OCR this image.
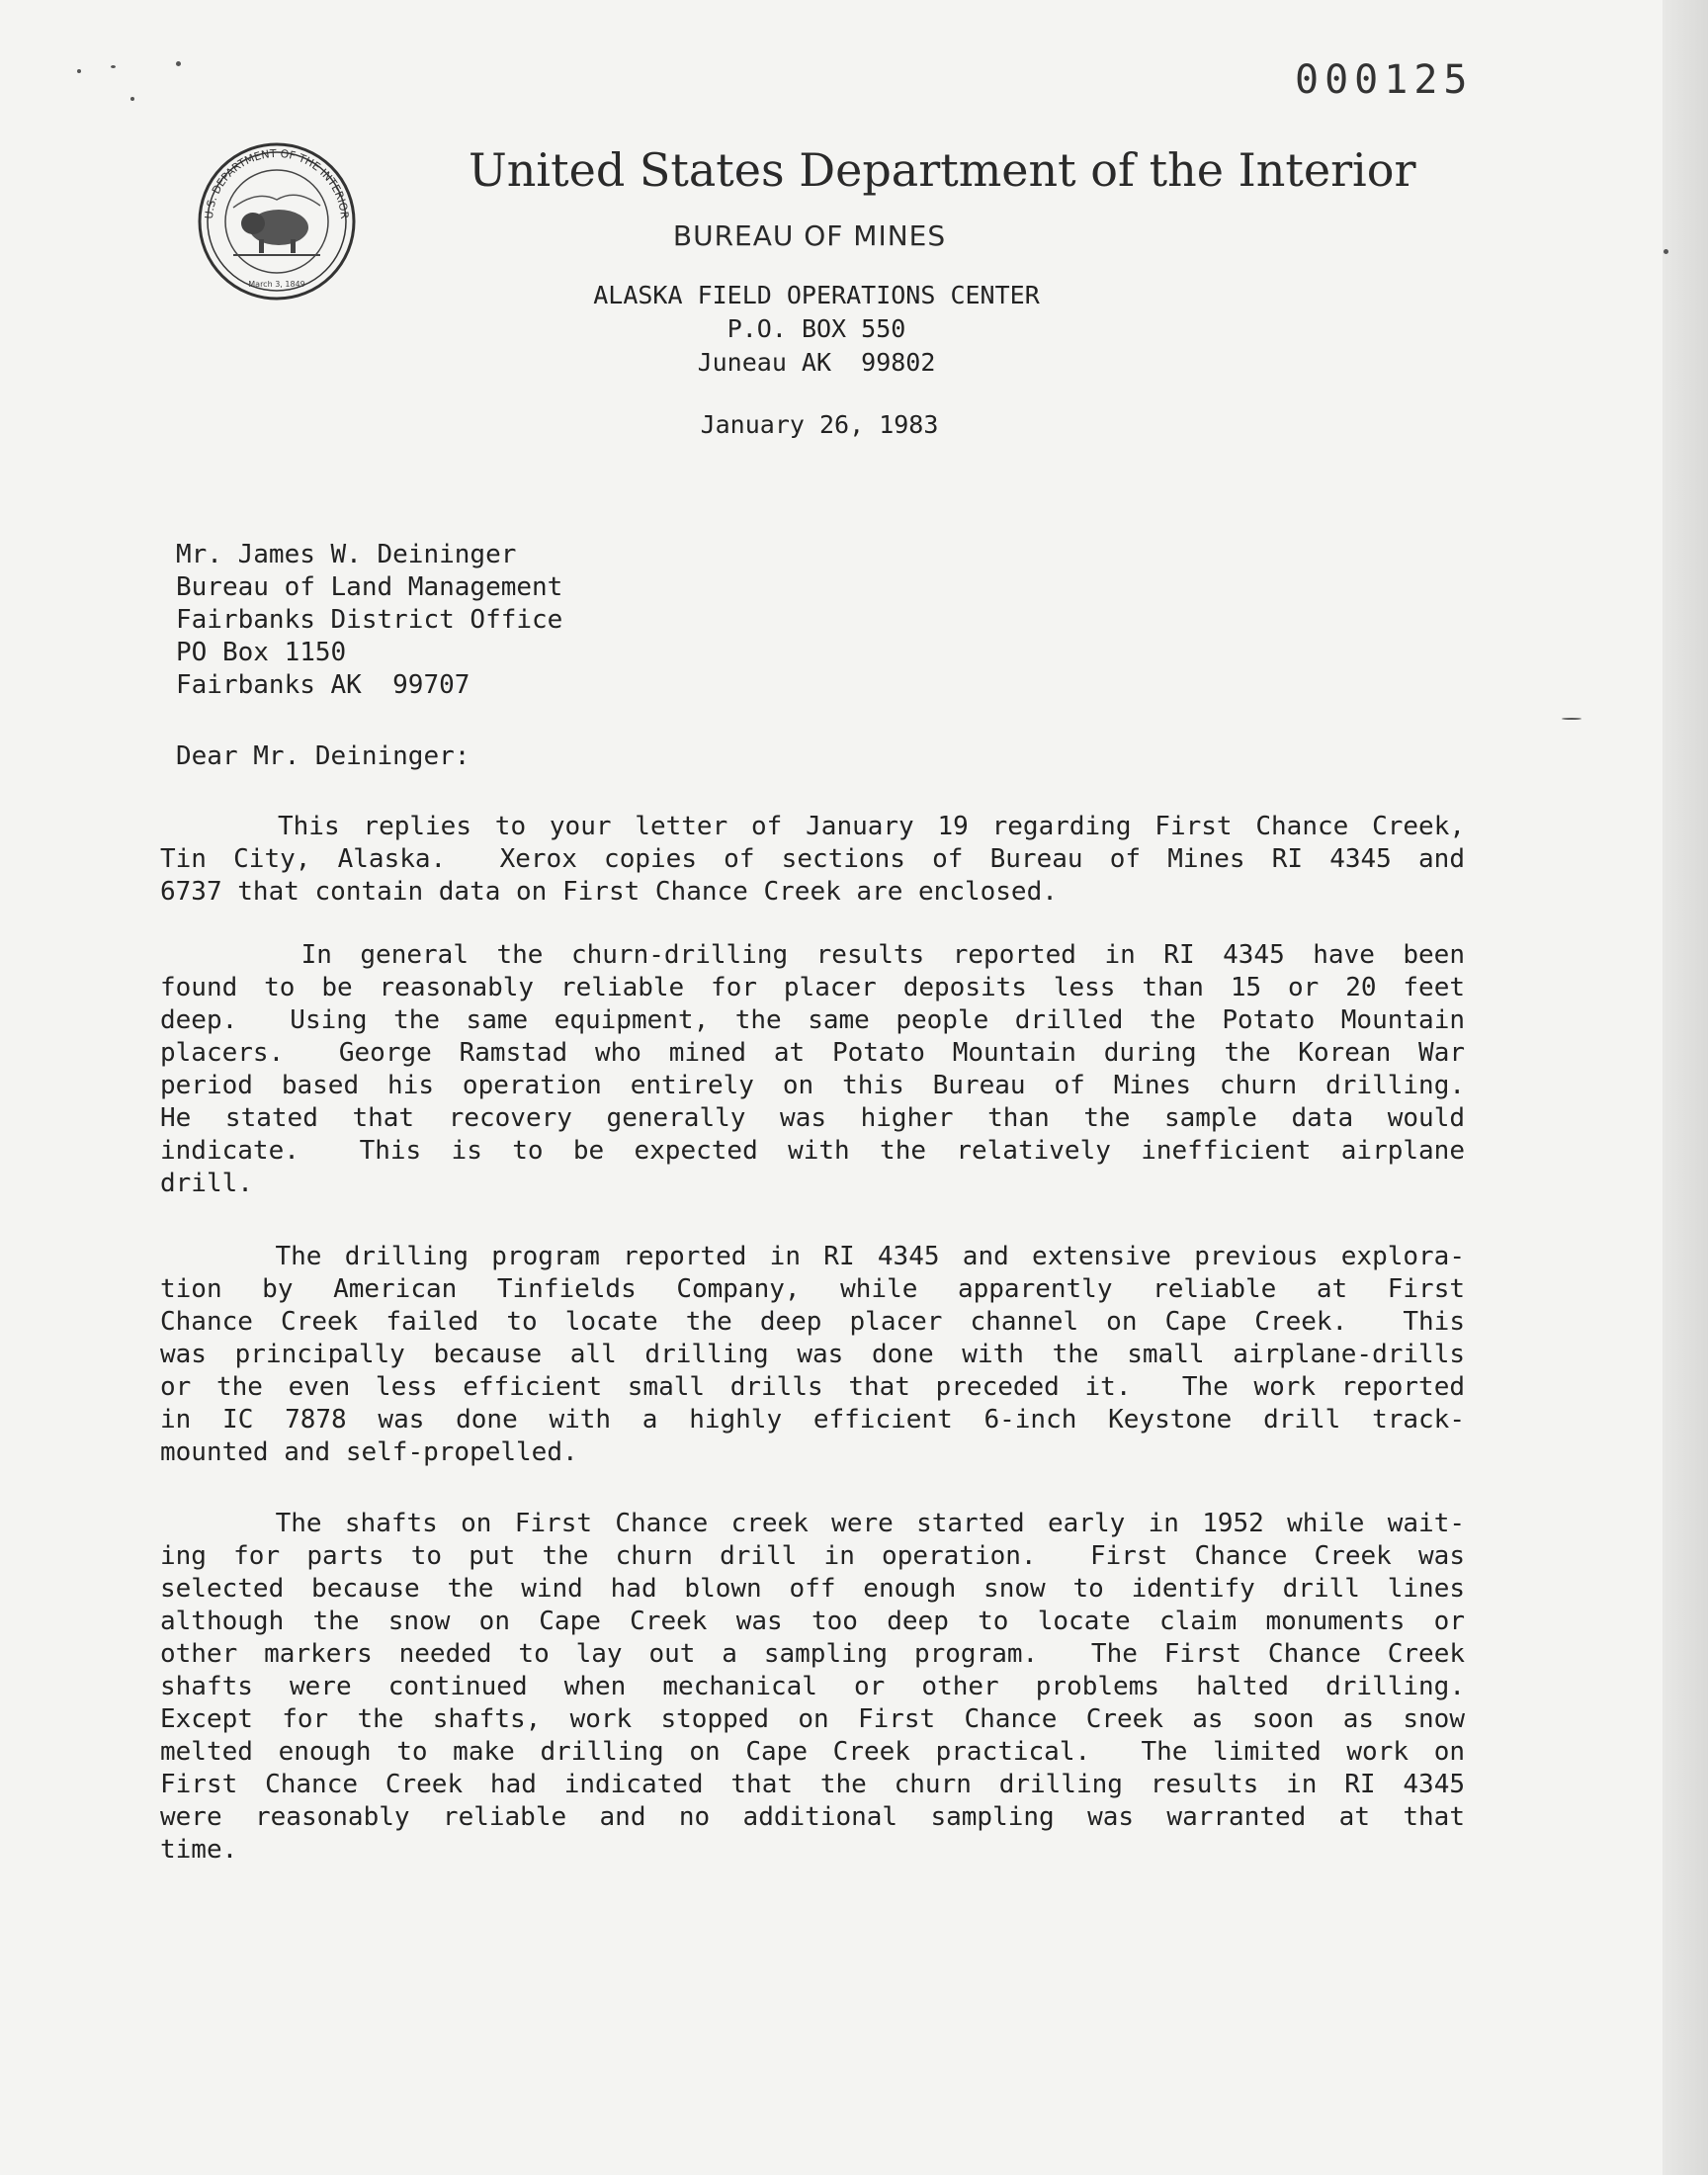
U.S. DEPARTMENT OF THE INTERIOR
March 3, 1849
000125
United States Department of the Interior
BUREAU OF MINES
ALASKA FIELD OPERATIONS CENTER
P.O. BOX 550
Juneau AK  99802
January 26, 1983
Mr. James W. Deininger
Bureau of Land Management
Fairbanks District Office
PO Box 1150
Fairbanks AK  99707
Dear Mr. Deininger:
This replies to your letter of January 19 regarding First Chance Creek,
Tin City, Alaska.  Xerox copies of sections of Bureau of Mines RI 4345 and
6737 that contain data on First Chance Creek are enclosed.
In general the churn-drilling results reported in RI 4345 have been
found to be reasonably reliable for placer deposits less than 15 or 20 feet
deep.  Using the same equipment, the same people drilled the Potato Mountain
placers.  George Ramstad who mined at Potato Mountain during the Korean War
period based his operation entirely on this Bureau of Mines churn drilling.
He stated that recovery generally was higher than the sample data would
indicate.  This is to be expected with the relatively inefficient airplane
drill.
The drilling program reported in RI 4345 and extensive previous explora-
tion by American Tinfields Company, while apparently reliable at First
Chance Creek failed to locate the deep placer channel on Cape Creek.  This
was principally because all drilling was done with the small airplane-drills
or the even less efficient small drills that preceded it.  The work reported
in IC 7878 was done with a highly efficient 6-inch Keystone drill track-
mounted and self-propelled.
The shafts on First Chance creek were started early in 1952 while wait-
ing for parts to put the churn drill in operation.  First Chance Creek was
selected because the wind had blown off enough snow to identify drill lines
although the snow on Cape Creek was too deep to locate claim monuments or
other markers needed to lay out a sampling program.  The First Chance Creek
shafts were continued when mechanical or other problems halted drilling.
Except for the shafts, work stopped on First Chance Creek as soon as snow
melted enough to make drilling on Cape Creek practical.  The limited work on
First Chance Creek had indicated that the churn drilling results in RI 4345
were reasonably reliable and no additional sampling was warranted at that
time.
